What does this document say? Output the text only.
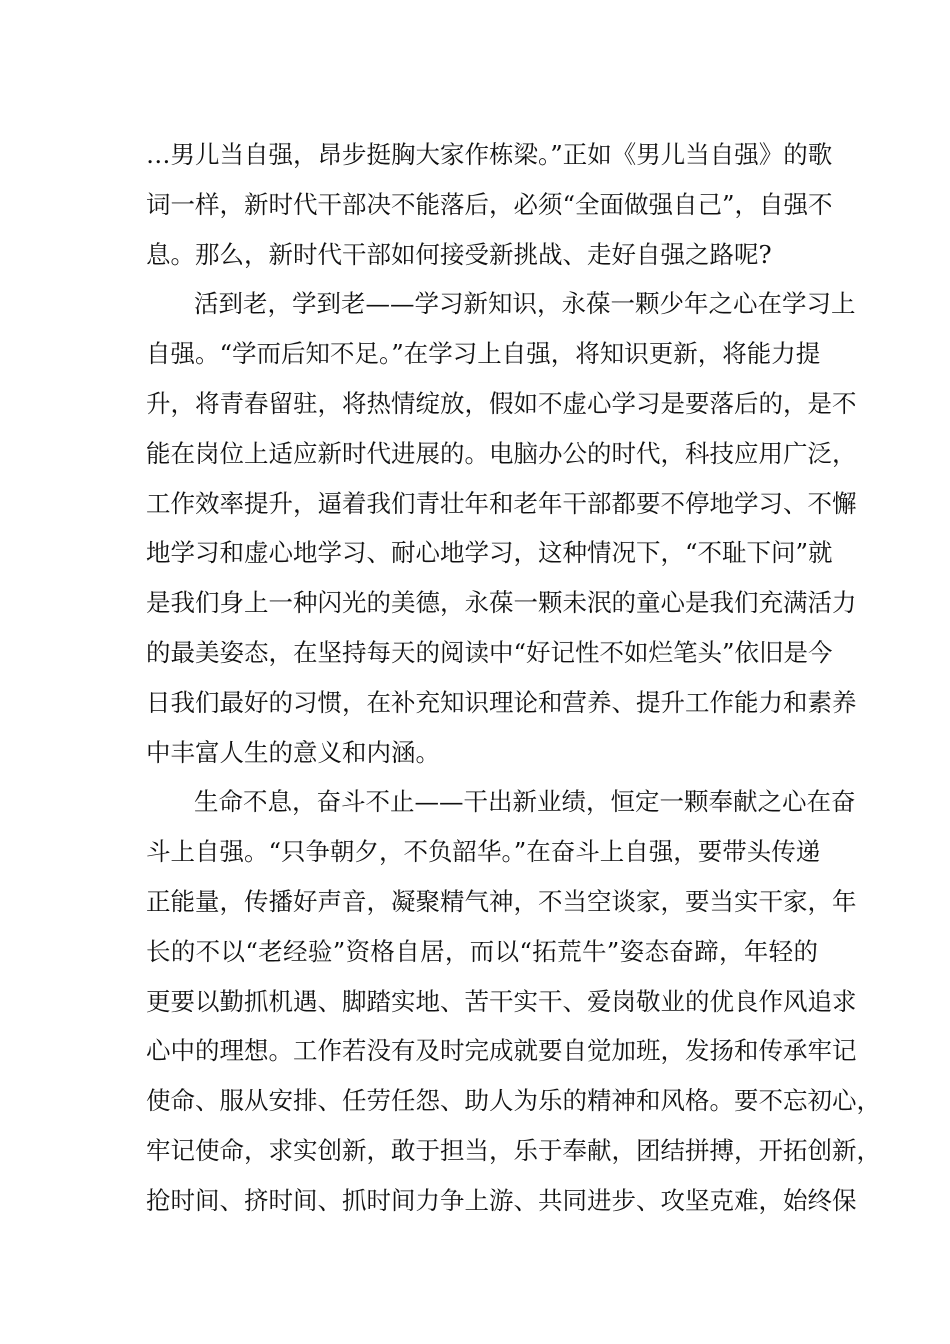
…男儿当自强，昂步挺胸大家作栋梁。”正如《男儿当自强》的歌
词一样，新时代干部决不能落后，必须“全面做强自己”，自强不
息。那么，新时代干部如何接受新挑战、走好自强之路呢?
活到老，学到老——学习新知识，永葆一颗少年之心在学习上
自强。“学而后知不足。”在学习上自强，将知识更新，将能力提
升，将青春留驻，将热情绽放，假如不虚心学习是要落后的，是不
能在岗位上适应新时代进展的。电脑办公的时代，科技应用广泛，
工作效率提升，逼着我们青壮年和老年干部都要不停地学习、不懈
地学习和虚心地学习、耐心地学习，这种情况下，“不耻下问”就
是我们身上一种闪光的美德，永葆一颗未泯的童心是我们充满活力
的最美姿态，在坚持每天的阅读中“好记性不如烂笔头”依旧是今
日我们最好的习惯，在补充知识理论和营养、提升工作能力和素养
中丰富人生的意义和内涵。
生命不息，奋斗不止——干出新业绩，恒定一颗奉献之心在奋
斗上自强。“只争朝夕，不负韶华。”在奋斗上自强，要带头传递
正能量，传播好声音，凝聚精气神，不当空谈家，要当实干家，年
长的不以“老经验”资格自居，而以“拓荒牛”姿态奋蹄，年轻的
更要以勤抓机遇、脚踏实地、苦干实干、爱岗敬业的优良作风追求
心中的理想。工作若没有及时完成就要自觉加班，发扬和传承牢记
使命、服从安排、任劳任怨、助人为乐的精神和风格。要不忘初心，
牢记使命，求实创新，敢于担当，乐于奉献，团结拼搏，开拓创新，
抢时间、挤时间、抓时间力争上游、共同进步、攻坚克难，始终保
